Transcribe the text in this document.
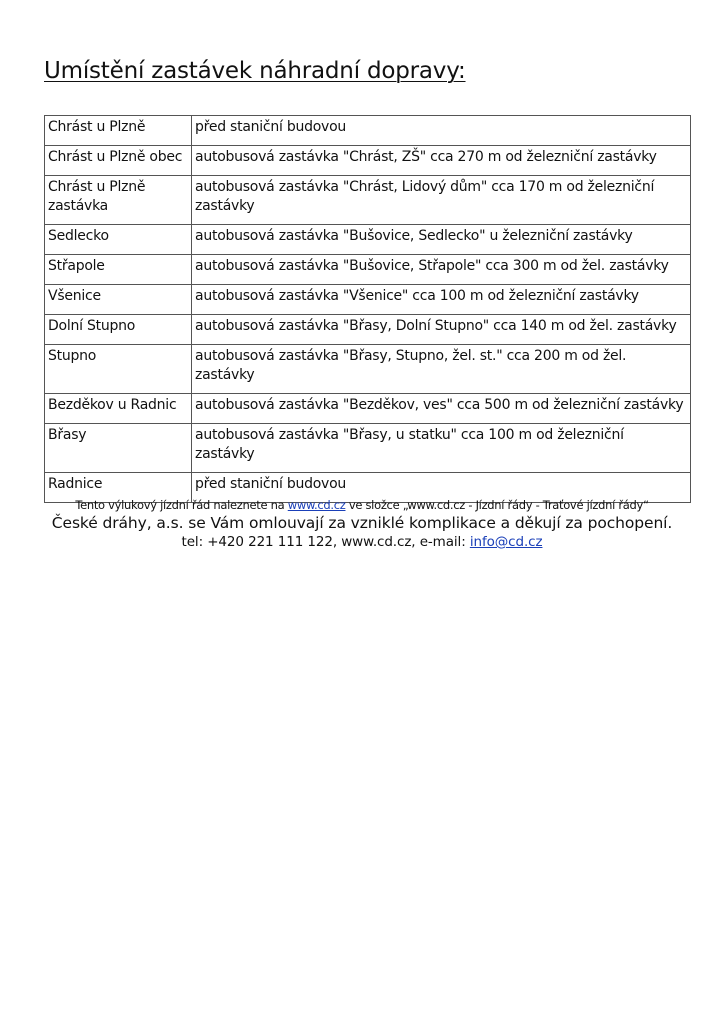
Umístění zastávek náhradní dopravy:
Chrást u Plzně	před staniční budovou
Chrást u Plzně obec	autobusová zastávka "Chrást, ZŠ" cca 270 m od železniční zastávky
Chrást u Plzně zastávka	autobusová zastávka "Chrást, Lidový dům" cca 170 m od železniční zastávky
Sedlecko	autobusová zastávka "Bušovice, Sedlecko" u železniční zastávky
Střapole	autobusová zastávka "Bušovice, Střapole" cca 300 m od žel. zastávky
Všenice	autobusová zastávka "Všenice" cca 100 m od železniční zastávky
Dolní Stupno	autobusová zastávka "Břasy, Dolní Stupno" cca 140 m od žel. zastávky
Stupno	autobusová zastávka "Břasy, Stupno, žel. st." cca 200 m od žel. zastávky
Bezděkov u Radnic	autobusová zastávka "Bezděkov, ves" cca 500 m od železniční zastávky
Břasy	autobusová zastávka "Břasy, u statku" cca 100 m od železniční zastávky
Radnice	před staniční budovou
Tento výlukový jízdní řád naleznete na www.cd.cz ve složce „www.cd.cz - Jízdní řády - Traťové jízdní řády“
České dráhy, a.s. se Vám omlouvají za vzniklé komplikace a děkují za pochopení.
tel: +420 221 111 122, www.cd.cz, e-mail: info@cd.cz
